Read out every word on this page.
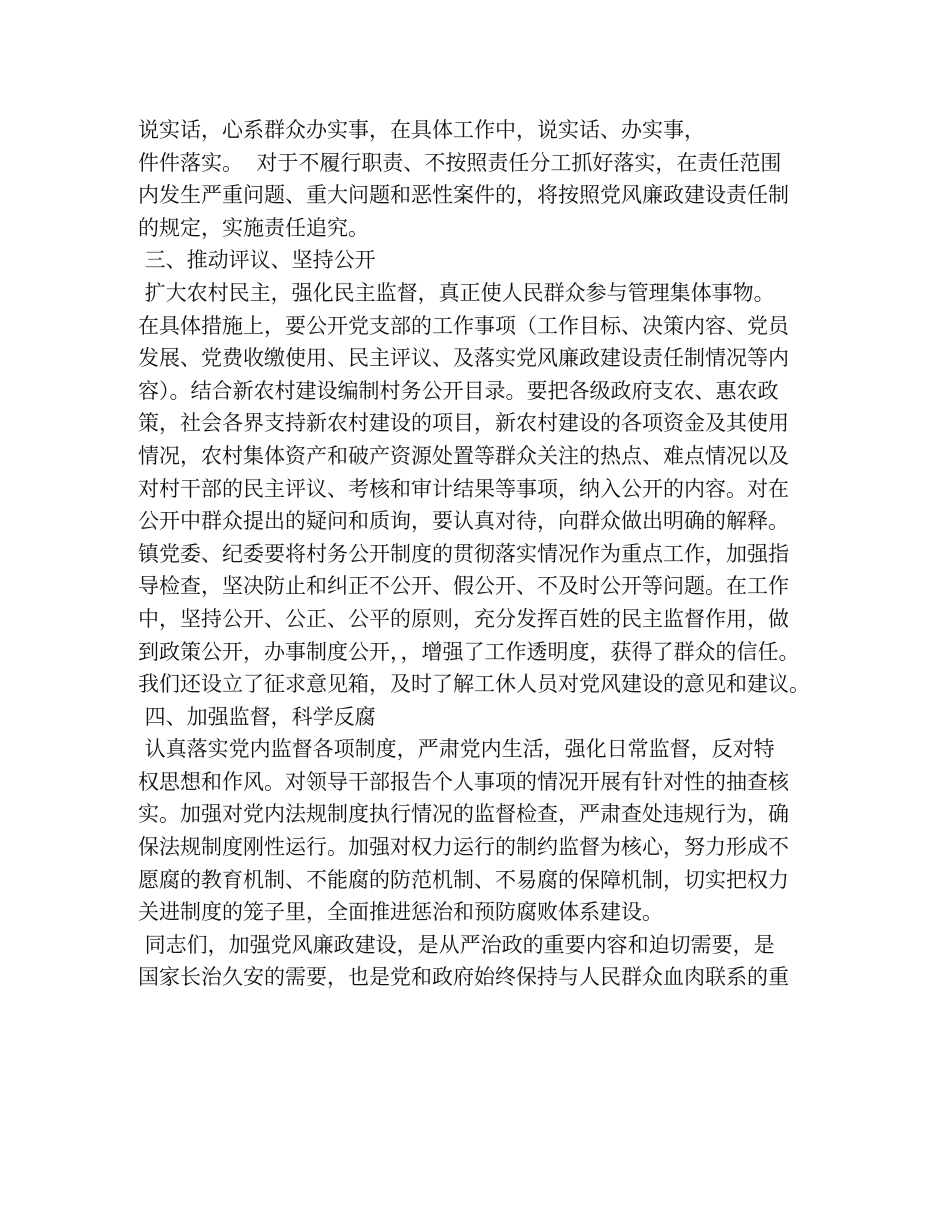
说实话，心系群众办实事，在具体工作中，说实话、办实事，

件件落实。  对于不履行职责、不按照责任分工抓好落实，在责任范围

内发生严重问题、重大问题和恶性案件的，将按照党风廉政建设责任制

的规定，实施责任追究。

三、推动评议、坚持公开

扩大农村民主，强化民主监督，真正使人民群众参与管理集体事物。

在具体措施上，要公开党支部的工作事项（工作目标、决策内容、党员

发展、党费收缴使用、民主评议、及落实党风廉政建设责任制情况等内

容）。结合新农村建设编制村务公开目录。要把各级政府支农、惠农政

策，社会各界支持新农村建设的项目，新农村建设的各项资金及其使用

情况，农村集体资产和破产资源处置等群众关注的热点、难点情况以及

对村干部的民主评议、考核和审计结果等事项，纳入公开的内容。对在

公开中群众提出的疑问和质询，要认真对待，向群众做出明确的解释。

镇党委、纪委要将村务公开制度的贯彻落实情况作为重点工作，加强指

导检查，坚决防止和纠正不公开、假公开、不及时公开等问题。在工作

中，坚持公开、公正、公平的原则，充分发挥百姓的民主监督作用，做

到政策公开，办事制度公开，，增强了工作透明度，获得了群众的信任。

我们还设立了征求意见箱，及时了解工休人员对党风建设的意见和建议。

四、加强监督，科学反腐

认真落实党内监督各项制度，严肃党内生活，强化日常监督，反对特

权思想和作风。对领导干部报告个人事项的情况开展有针对性的抽查核

实。加强对党内法规制度执行情况的监督检查，严肃查处违规行为，确

保法规制度刚性运行。加强对权力运行的制约监督为核心，努力形成不

愿腐的教育机制、不能腐的防范机制、不易腐的保障机制，切实把权力

关进制度的笼子里，全面推进惩治和预防腐败体系建设。

同志们，加强党风廉政建设，是从严治政的重要内容和迫切需要，是

国家长治久安的需要，也是党和政府始终保持与人民群众血肉联系的重
